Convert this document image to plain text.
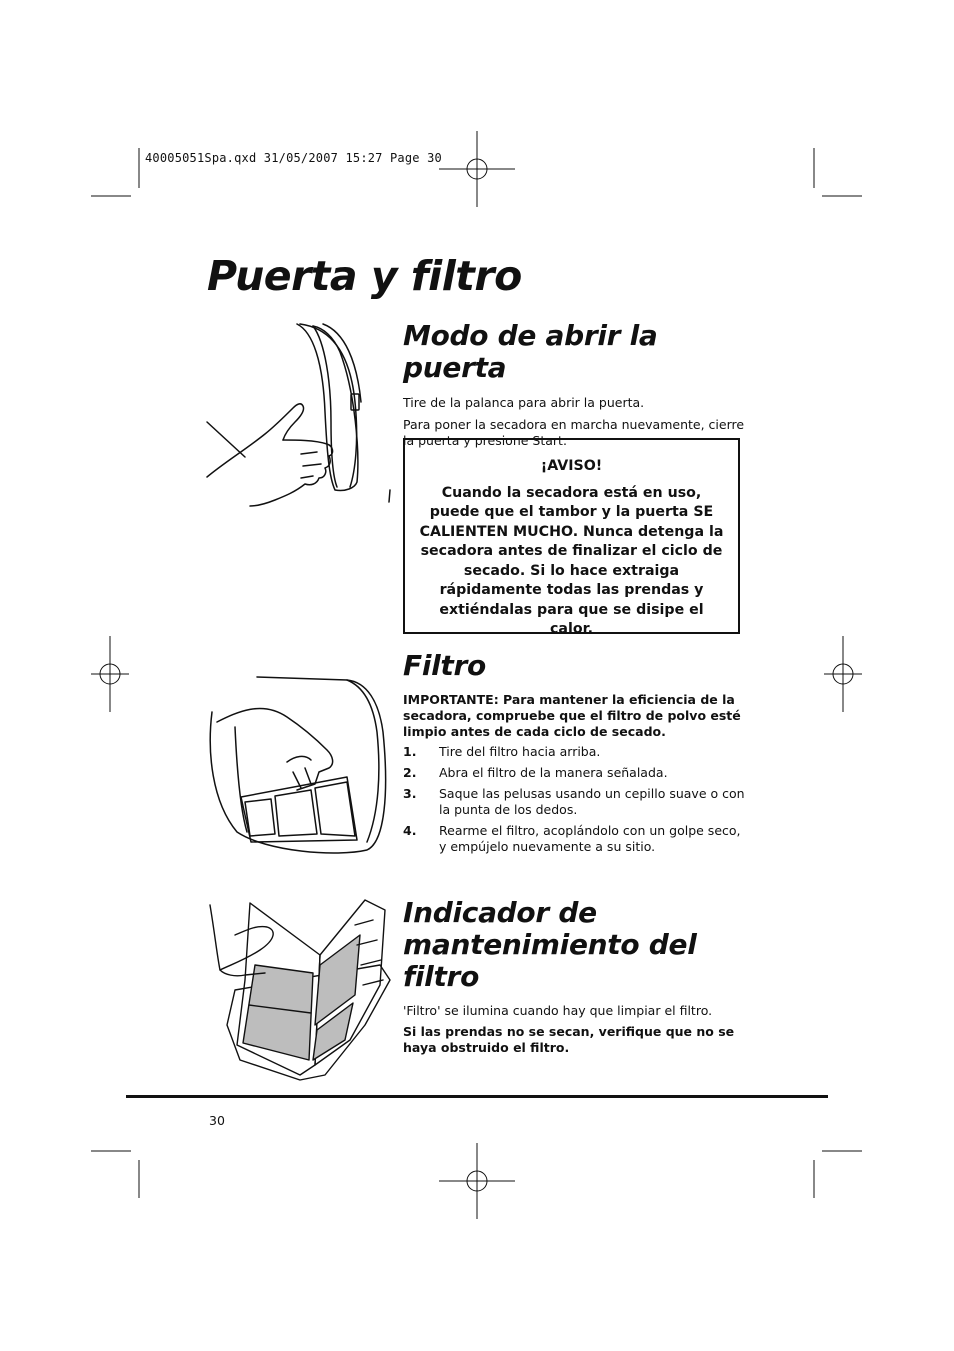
40005051Spa.qxd 31/05/2007 15:27 Page 30
Puerta y filtro
Modo de abrir la puerta

Tire de la palanca para abrir la puerta.

Para poner la secadora en marcha nuevamente, cierre la puerta y presione Start.

¡AVISO!
Cuando la secadora está en uso, puede que el tambor y la puerta SE CALIENTEN MUCHO. Nunca detenga la secadora antes de finalizar el ciclo de secado. Si lo hace extraiga rápidamente todas las prendas y extiéndalas para que se disipe el calor.
Filtro

IMPORTANTE: Para mantener la eficiencia de la secadora, compruebe que el filtro de polvo esté limpio antes de cada ciclo de secado.

1. Tire del filtro hacia arriba.
2. Abra el filtro de la manera señalada.
3. Saque las pelusas usando un cepillo suave o con la punta de los dedos.
4. Rearme el filtro, acoplándolo con un golpe seco, y empújelo nuevamente a su sitio.
Indicador de
mantenimiento del filtro

'Filtro' se ilumina cuando hay que limpiar el filtro.

Si las prendas no se secan, verifique que no se haya obstruido el filtro.

30
